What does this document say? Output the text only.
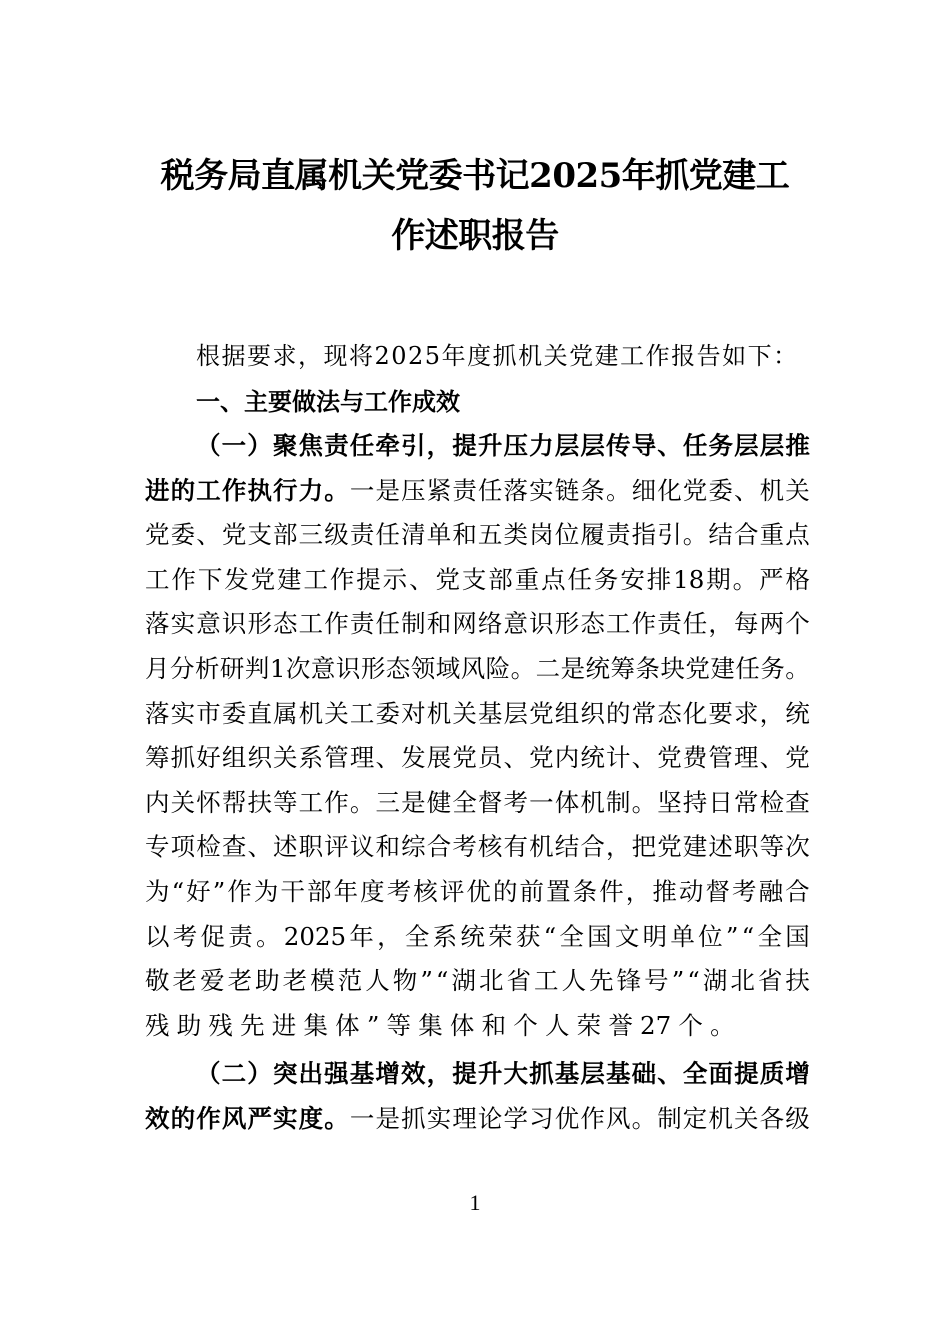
税务局直属机关党委书记2025年抓党建工
作述职报告
根据要求，现将2025年度抓机关党建工作报告如下：
一、主要做法与工作成效
（ 一 ） 聚 焦 责 任 牵 引 ， 提 升 压 力 层 层 传 导 、 任 务 层 层 推
进 的 工 作 执 行 力 。 一 是 压 紧 责 任 落 实 链 条 。 细 化 党 委 、 机 关
党 委 、 党 支 部 三 级 责 任 清 单 和 五 类 岗 位 履 责 指 引 。 结 合 重 点
工 作 下 发 党 建 工 作 提 示 、 党 支 部 重 点 任 务 安 排 18 期 。 严 格
落 实 意 识 形 态 工 作 责 任 制 和 网 络 意 识 形 态 工 作 责 任 ， 每 两 个
月 分 析 研 判 1 次 意 识 形 态 领 域 风 险 。 二 是 统 筹 条 块 党 建 任 务 。
落 实 市 委 直 属 机 关 工 委 对 机 关 基 层 党 组 织 的 常 态 化 要 求 ， 统
筹 抓 好 组 织 关 系 管 理 、 发 展 党 员 、 党 内 统 计 、 党 费 管 理 、 党
内 关 怀 帮 扶 等 工 作 。 三 是 健 全 督 考 一 体 机 制 。 坚 持 日 常 检 查
专 项 检 查 、 述 职 评 议 和 综 合 考 核 有 机 结 合 ， 把 党 建 述 职 等 次
为 “ 好 ” 作 为 干 部 年 度 考 核 评 优 的 前 置 条 件 ， 推 动 督 考 融 合
以 考 促 责 。 2025 年 ， 全 系 统 荣 获 “ 全 国 文 明 单 位 ” “ 全 国
敬 老 爱 老 助 老 模 范 人 物 ” “ 湖 北 省 工 人 先 锋 号 ” “ 湖 北 省 扶
残 助 残 先 进 集 体 ” 等 集 体 和 个 人 荣 誉 27 个 。
（ 二 ） 突 出 强 基 增 效 ， 提 升 大 抓 基 层 基 础 、 全 面 提 质 增
效 的 作 风 严 实 度 。 一 是 抓 实 理 论 学 习 优 作 风 。 制 定 机 关 各 级
1
